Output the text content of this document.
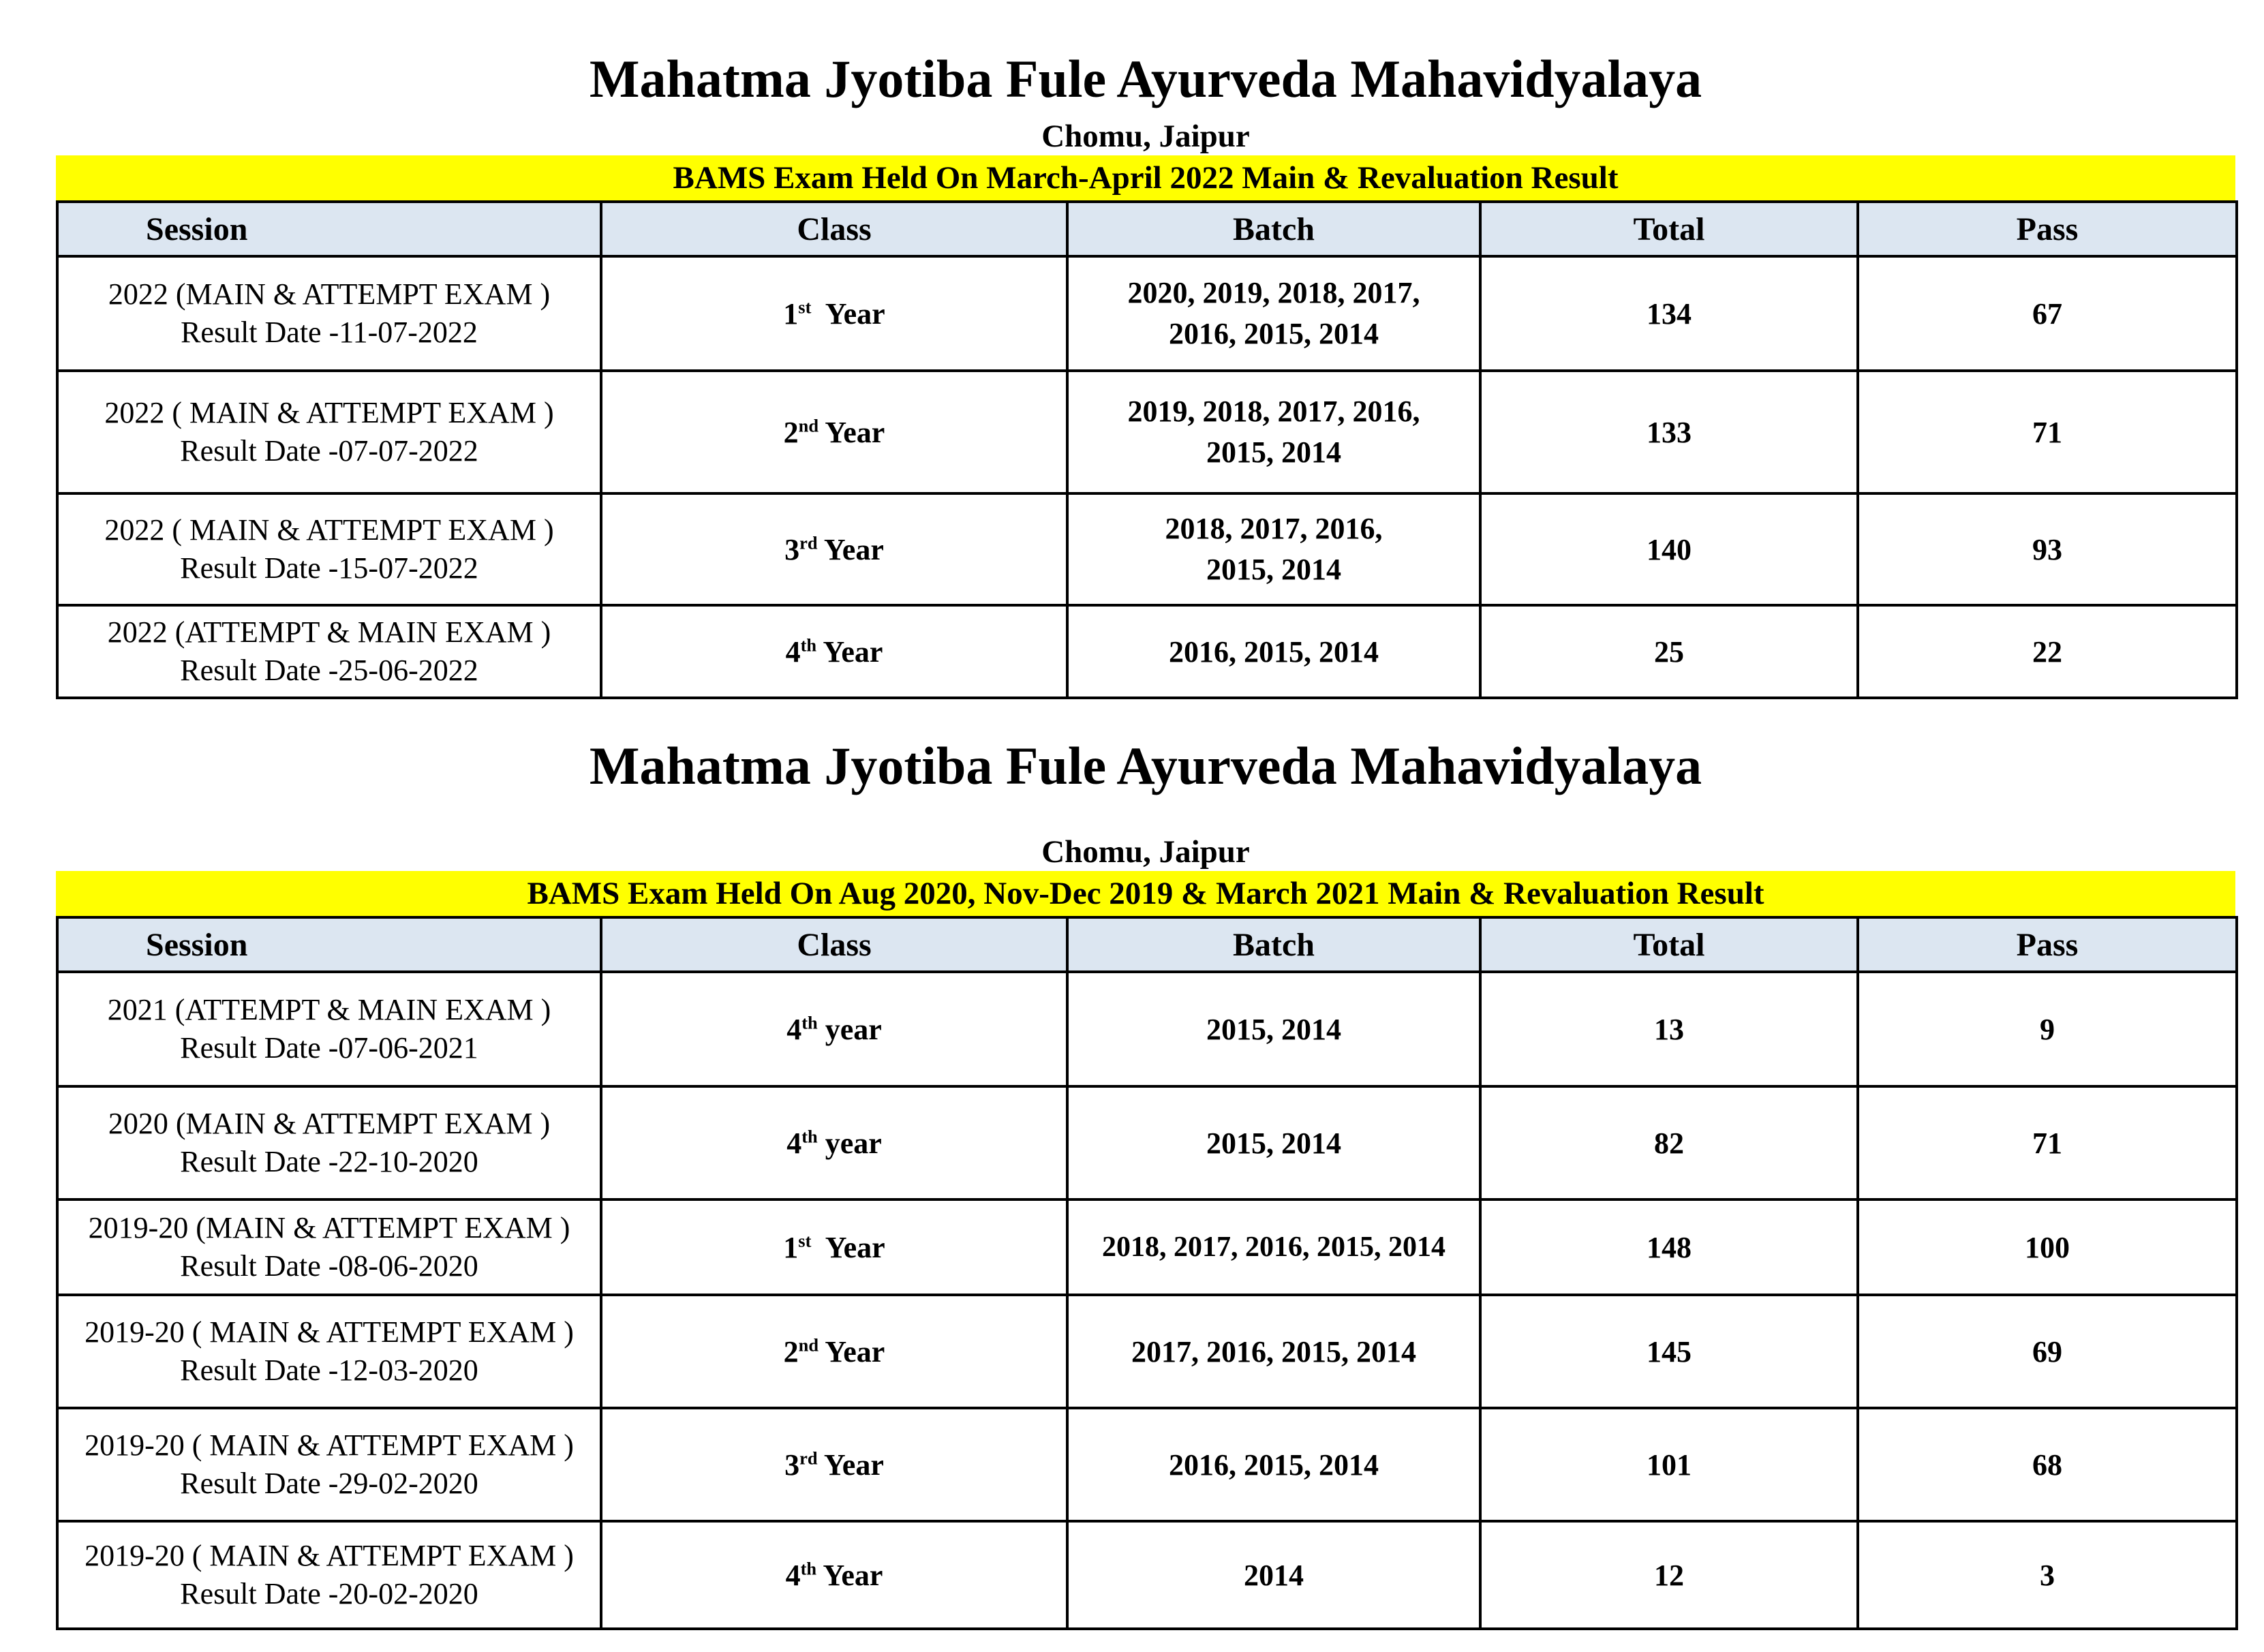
Mahatma Jyotiba Fule Ayurveda Mahavidyalaya
Chomu, Jaipur
BAMS Exam Held On March-April 2022 Main & Revaluation Result
Session	Class	Batch	Total	Pass

2022 (MAIN & ATTEMPT EXAM )
Result Date -11-07-2022	1st Year	2020, 2019, 2018, 2017, 2016, 2015, 2014	134	67

2022 ( MAIN & ATTEMPT EXAM )
Result Date -07-07-2022	2nd Year	2019, 2018, 2017, 2016, 2015, 2014	133	71

2022 ( MAIN & ATTEMPT EXAM )
Result Date -15-07-2022	3rd Year	2018, 2017, 2016, 2015, 2014	140	93

2022 (ATTEMPT & MAIN EXAM )
Result Date -25-06-2022	4th Year	2016, 2015, 2014	25	22
Mahatma Jyotiba Fule Ayurveda Mahavidyalaya
Chomu, Jaipur
BAMS Exam Held On Aug 2020, Nov-Dec 2019 & March 2021 Main & Revaluation Result
Session	Class	Batch	Total	Pass

2021 (ATTEMPT & MAIN EXAM )
Result Date -07-06-2021	4th year	2015, 2014	13	9

2020 (MAIN & ATTEMPT EXAM )
Result Date -22-10-2020	4th year	2015, 2014	82	71

2019-20 (MAIN & ATTEMPT EXAM )
Result Date -08-06-2020	1st Year	2018, 2017, 2016, 2015, 2014	148	100

2019-20 ( MAIN & ATTEMPT EXAM )
Result Date -12-03-2020	2nd Year	2017, 2016, 2015, 2014	145	69

2019-20 ( MAIN & ATTEMPT EXAM )
Result Date -29-02-2020	3rd Year	2016, 2015, 2014	101	68

2019-20 ( MAIN & ATTEMPT EXAM )
Result Date -20-02-2020	4th Year	2014	12	3
